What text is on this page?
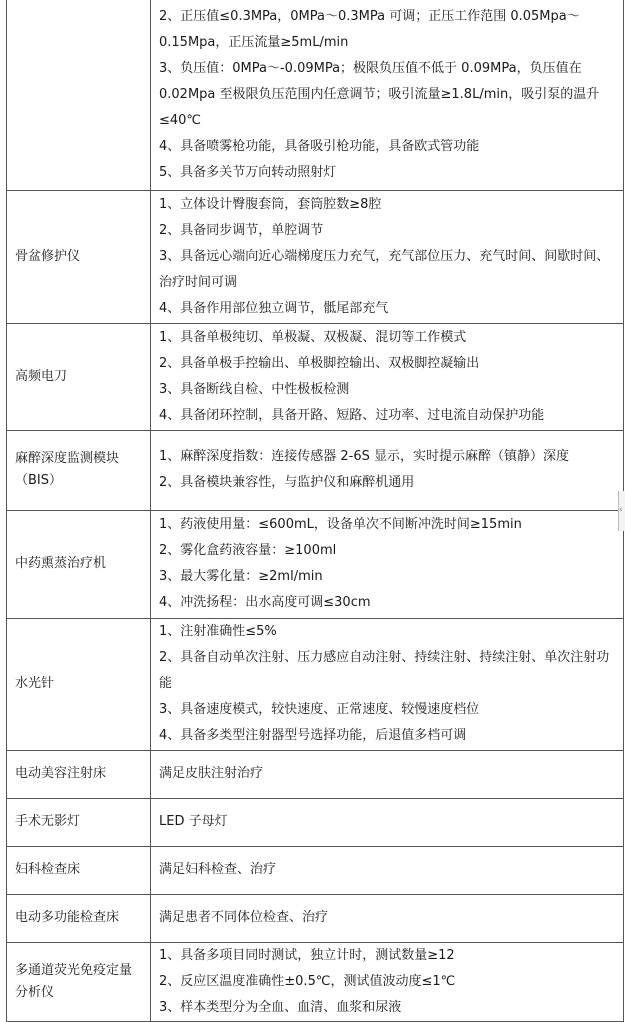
	2、正压值≤0.3MPa，0MPa～0.3MPa 可调；正压工作范围 0.05Mpa～0.15Mpa，正压流量≥5mL/min
3、负压值：0MPa～-0.09MPa；极限负压值不低于 0.09MPa，负压值在 0.02Mpa 至极限负压范围内任意调节；吸引流量≥1.8L/min，吸引泵的温升≤40℃
4、具备喷雾枪功能，具备吸引枪功能，具备欧式管功能
5、具备多关节万向转动照射灯

骨盆修护仪	1、立体设计臀腹套筒，套筒腔数≥8腔
2、具备同步调节，单腔调节
3、具备远心端向近心端梯度压力充气，充气部位压力、充气时间、间歇时间、治疗时间可调
4、具备作用部位独立调节，骶尾部充气

高频电刀	1、具备单极纯切、单极凝、双极凝、混切等工作模式
2、具备单极手控输出、单极脚控输出、双极脚控凝输出
3、具备断线自检、中性极板检测
4、具备闭环控制，具备开路、短路、过功率、过电流自动保护功能

麻醉深度监测模块（BIS）	1、麻醉深度指数：连接传感器 2-6S 显示，实时提示麻醉（镇静）深度
2、具备模块兼容性，与监护仪和麻醉机通用

中药熏蒸治疗机	1、药液使用量：≤600mL，设备单次不间断冲洗时间≥15min
2、雾化盒药液容量：≥100ml
3、最大雾化量：≥2ml/min
4、冲洗扬程：出水高度可调≤30cm

水光针	1、注射准确性≤5%
2、具备自动单次注射、压力感应自动注射、持续注射、持续注射、单次注射功能
3、具备速度模式，较快速度、正常速度、较慢速度档位
4、具备多类型注射器型号选择功能，后退值多档可调

电动美容注射床	满足皮肤注射治疗

手术无影灯	LED 子母灯

妇科检查床	满足妇科检查、治疗

电动多功能检查床	满足患者不同体位检查、治疗

多通道荧光免疫定量分析仪	1、具备多项目同时测试，独立计时，测试数量≥12
2、反应区温度准确性±0.5℃，测试值波动度≤1℃
3、样本类型分为全血、血清、血浆和尿液
‹
